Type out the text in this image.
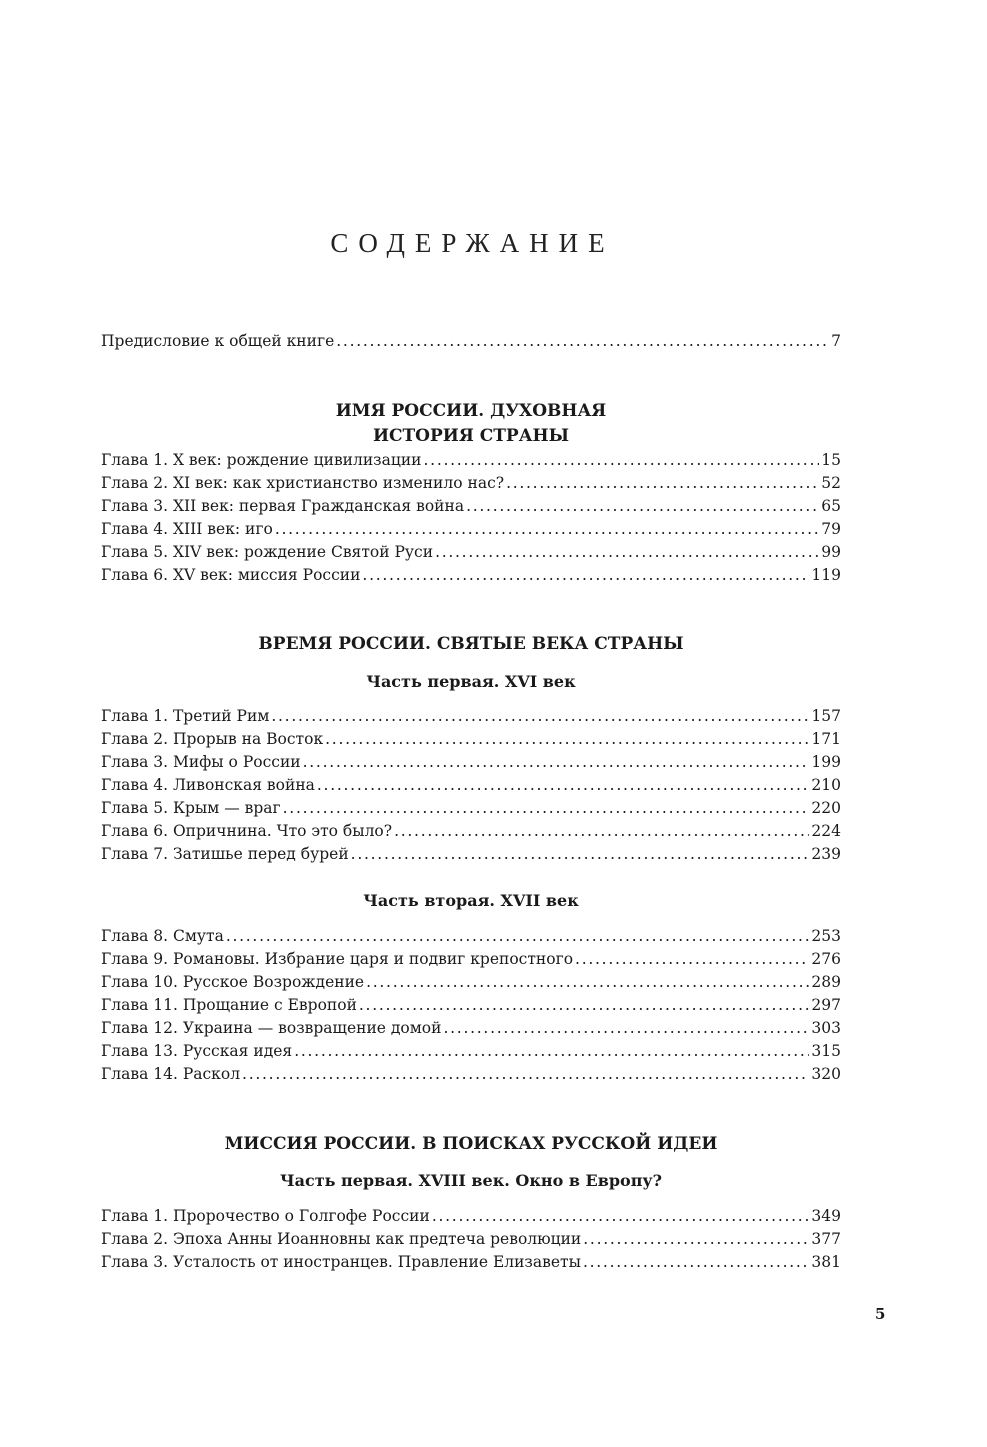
СОДЕРЖАНИЕ
Предисловие к общей книге . . .	7
ИМЯ РОССИИ. ДУХОВНАЯ
ИСТОРИЯ СТРАНЫ
Глава 1. X век: рождение цивилизации . . .	15
Глава 2. XI век: как христианство изменило нас? . . .	52
Глава 3. XII век: первая Гражданская война . . .	65
Глава 4. XIII век: иго . . .	79
Глава 5. XIV век: рождение Святой Руси . . .	99
Глава 6. XV век: миссия России . . .	119
ВРЕМЯ РОССИИ. СВЯТЫЕ ВЕКА СТРАНЫ
Часть первая. XVI век
Глава 1. Третий Рим . . .	157
Глава 2. Прорыв на Восток . . .	171
Глава 3. Мифы о России . . .	199
Глава 4. Ливонская война . . .	210
Глава 5. Крым — враг . . .	220
Глава 6. Опричнина. Что это было? . . .	224
Глава 7. Затишье перед бурей . . .	239
Часть вторая. XVII век
Глава 8. Смута . . .	253
Глава 9. Романовы. Избрание царя и подвиг крепостного . . .	276
Глава 10. Русское Возрождение . . .	289
Глава 11. Прощание с Европой . . .	297
Глава 12. Украина — возвращение домой . . .	303
Глава 13. Русская идея . . .	315
Глава 14. Раскол . . .	320
МИССИЯ РОССИИ. В ПОИСКАХ РУССКОЙ ИДЕИ
Часть первая. XVIII век. Окно в Европу?
Глава 1. Пророчество о Голгофе России . . .	349
Глава 2. Эпоха Анны Иоанновны как предтеча революции . . .	377
Глава 3. Усталость от иностранцев. Правление Елизаветы . . .	381
5
